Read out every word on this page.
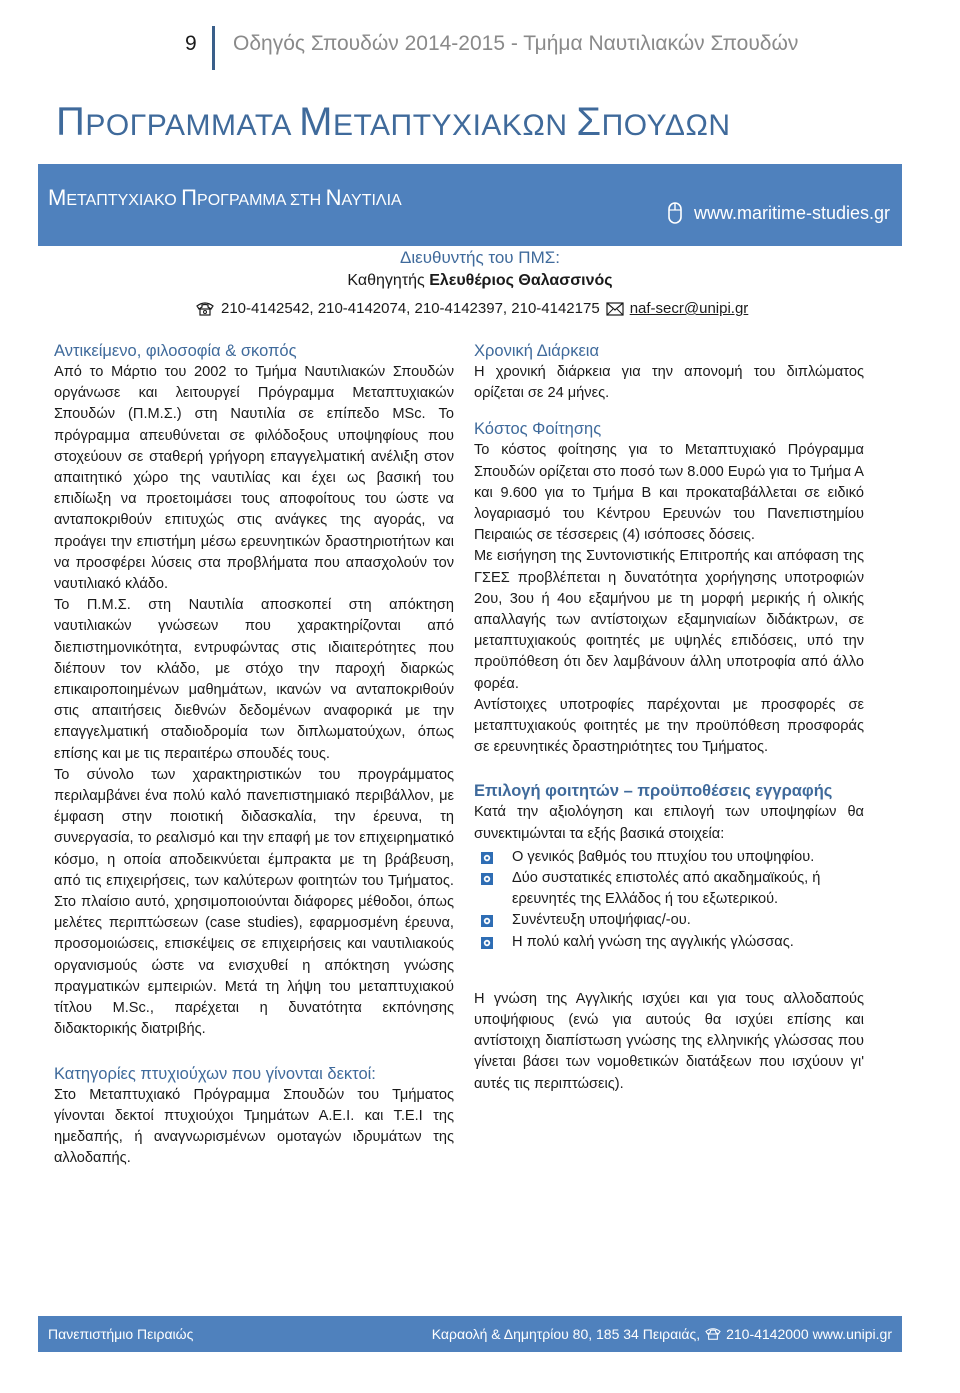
9 Οδηγός Σπουδών 2014-2015 - Τμήμα Ναυτιλιακών Σπουδών
ΠΡΟΓΡΑΜΜΑΤΑ ΜΕΤΑΠΤΥΧΙΑΚΩΝ ΣΠΟΥΔΩΝ
ΜΕΤΑΠΤΥΧΙΑΚΟ ΠΡΟΓΡΑΜΜΑ ΣΤΗ ΝΑΥΤΙΛΙΑ
www.maritime-studies.gr
Διευθυντής του ΠΜΣ:
Καθηγητής Ελευθέριος Θαλασσινός
210-4142542, 210-4142074, 210-4142397, 210-4142175 naf-secr@unipi.gr
Αντικείμενο, φιλοσοφία & σκοπός

Από το Μάρτιο του 2002 το Τμήμα Ναυτιλιακών Σπουδών οργάνωσε και λειτουργεί Πρόγραμμα Μεταπτυχιακών Σπουδών (Π.Μ.Σ.) στη Ναυτιλία σε επίπεδο MSc. Το πρόγραμμα απευθύνεται σε φιλόδοξους υποψηφίους που στοχεύουν σε σταθερή γρήγορη επαγγελματική ανέλιξη στον απαιτητικό χώρο της ναυτιλίας και έχει ως βασική του επιδίωξη να προετοιμάσει τους αποφοίτους του ώστε να ανταποκριθούν επιτυχώς στις ανάγκες της αγοράς, να προάγει την επιστήμη μέσω ερευνητικών δραστηριοτήτων και να προσφέρει λύσεις στα προβλήματα που απασχολούν τον ναυτιλιακό κλάδο.

Το Π.Μ.Σ. στη Ναυτιλία αποσκοπεί στη απόκτηση ναυτιλιακών γνώσεων που χαρακτηρίζονται από διεπιστημονικότητα, εντρυφώντας στις ιδιαιτερότητες που διέπουν τον κλάδο, με στόχο την παροχή διαρκώς επικαιροποιημένων μαθημάτων, ικανών να ανταποκριθούν στις απαιτήσεις διεθνών δεδομένων αναφορικά με την επαγγελματική σταδιοδρομία των διπλωματούχων, όπως επίσης και με τις περαιτέρω σπουδές τους.

Το σύνολο των χαρακτηριστικών του προγράμματος περιλαμβάνει ένα πολύ καλό πανεπιστημιακό περιβάλλον, με έμφαση στην ποιοτική διδασκαλία, την έρευνα, τη συνεργασία, το ρεαλισμό και την επαφή με τον επιχειρηματικό κόσμο, η οποία αποδεικνύεται έμπρακτα με τη βράβευση, από τις επιχειρήσεις, των καλύτερων φοιτητών του Τμήματος. Στο πλαίσιο αυτό, χρησιμοποιούνται διάφορες μέθοδοι, όπως μελέτες περιπτώσεων (case studies), εφαρμοσμένη έρευνα, προσομοιώσεις, επισκέψεις σε επιχειρήσεις και ναυτιλιακούς οργανισμούς ώστε να ενισχυθεί η απόκτηση γνώσης πραγματικών εμπειριών. Μετά τη λήψη του μεταπτυχιακού τίτλου M.Sc., παρέχεται η δυνατότητα εκπόνησης διδακτορικής διατριβής.

Κατηγορίες πτυχιούχων που γίνονται δεκτοί:

Στο Μεταπτυχιακό Πρόγραμμα Σπουδών του Τμήματος γίνονται δεκτοί πτυχιούχοι Τμημάτων Α.Ε.Ι. και Τ.Ε.Ι της ημεδαπής, ή αναγνωρισμένων ομοταγών ιδρυμάτων της αλλοδαπής.

Χρονική Διάρκεια

Η χρονική διάρκεια για την απονομή του διπλώματος ορίζεται σε 24 μήνες.

Κόστος Φοίτησης

Το κόστος φοίτησης για το Μεταπτυχιακό Πρόγραμμα Σπουδών ορίζεται στο ποσό των 8.000 Ευρώ για το Τμήμα Α και 9.600 για το Τμήμα Β και προκαταβάλλεται σε ειδικό λογαριασμό του Κέντρου Ερευνών του Πανεπιστημίου Πειραιώς σε τέσσερεις (4) ισόποσες δόσεις.

Με εισήγηση της Συντονιστικής Επιτροπής και απόφαση της ΓΣΕΣ προβλέπεται η δυνατότητα χορήγησης υποτροφιών 2ου, 3ου ή 4ου εξαμήνου με τη μορφή μερικής ή ολικής απαλλαγής των αντίστοιχων εξαμηνιαίων διδάκτρων, σε μεταπτυχιακούς φοιτητές με υψηλές επιδόσεις, υπό την προϋπόθεση ότι δεν λαμβάνουν άλλη υποτροφία από άλλο φορέα.

Αντίστοιχες υποτροφίες παρέχονται με προσφορές σε μεταπτυχιακούς φοιτητές με την προϋπόθεση προσφοράς σε ερευνητικές δραστηριότητες του Τμήματος.

Επιλογή φοιτητών – προϋποθέσεις εγγραφής

Κατά την αξιολόγηση και επιλογή των υποψηφίων θα συνεκτιμώνται τα εξής βασικά στοιχεία:

Ο γενικός βαθμός του πτυχίου του υποψηφίου.
Δύο συστατικές επιστολές από ακαδημαϊκούς, ή ερευνητές της Ελλάδος ή του εξωτερικού.
Συνέντευξη υποψήφιας/-ου.
Η πολύ καλή γνώση της αγγλικής γλώσσας.

Η γνώση της Αγγλικής ισχύει και για τους αλλοδαπούς υποψήφιους (ενώ για αυτούς θα ισχύει επίσης και αντίστοιχη διαπίστωση γνώσης της ελληνικής γλώσσας που γίνεται βάσει των νομοθετικών διατάξεων που ισχύουν γι' αυτές τις περιπτώσεις).

Πανεπιστήμιο Πειραιώς	Καραολή & Δημητρίου 80, 185 34 Πειραιάς, 210-4142000 www.unipi.gr
